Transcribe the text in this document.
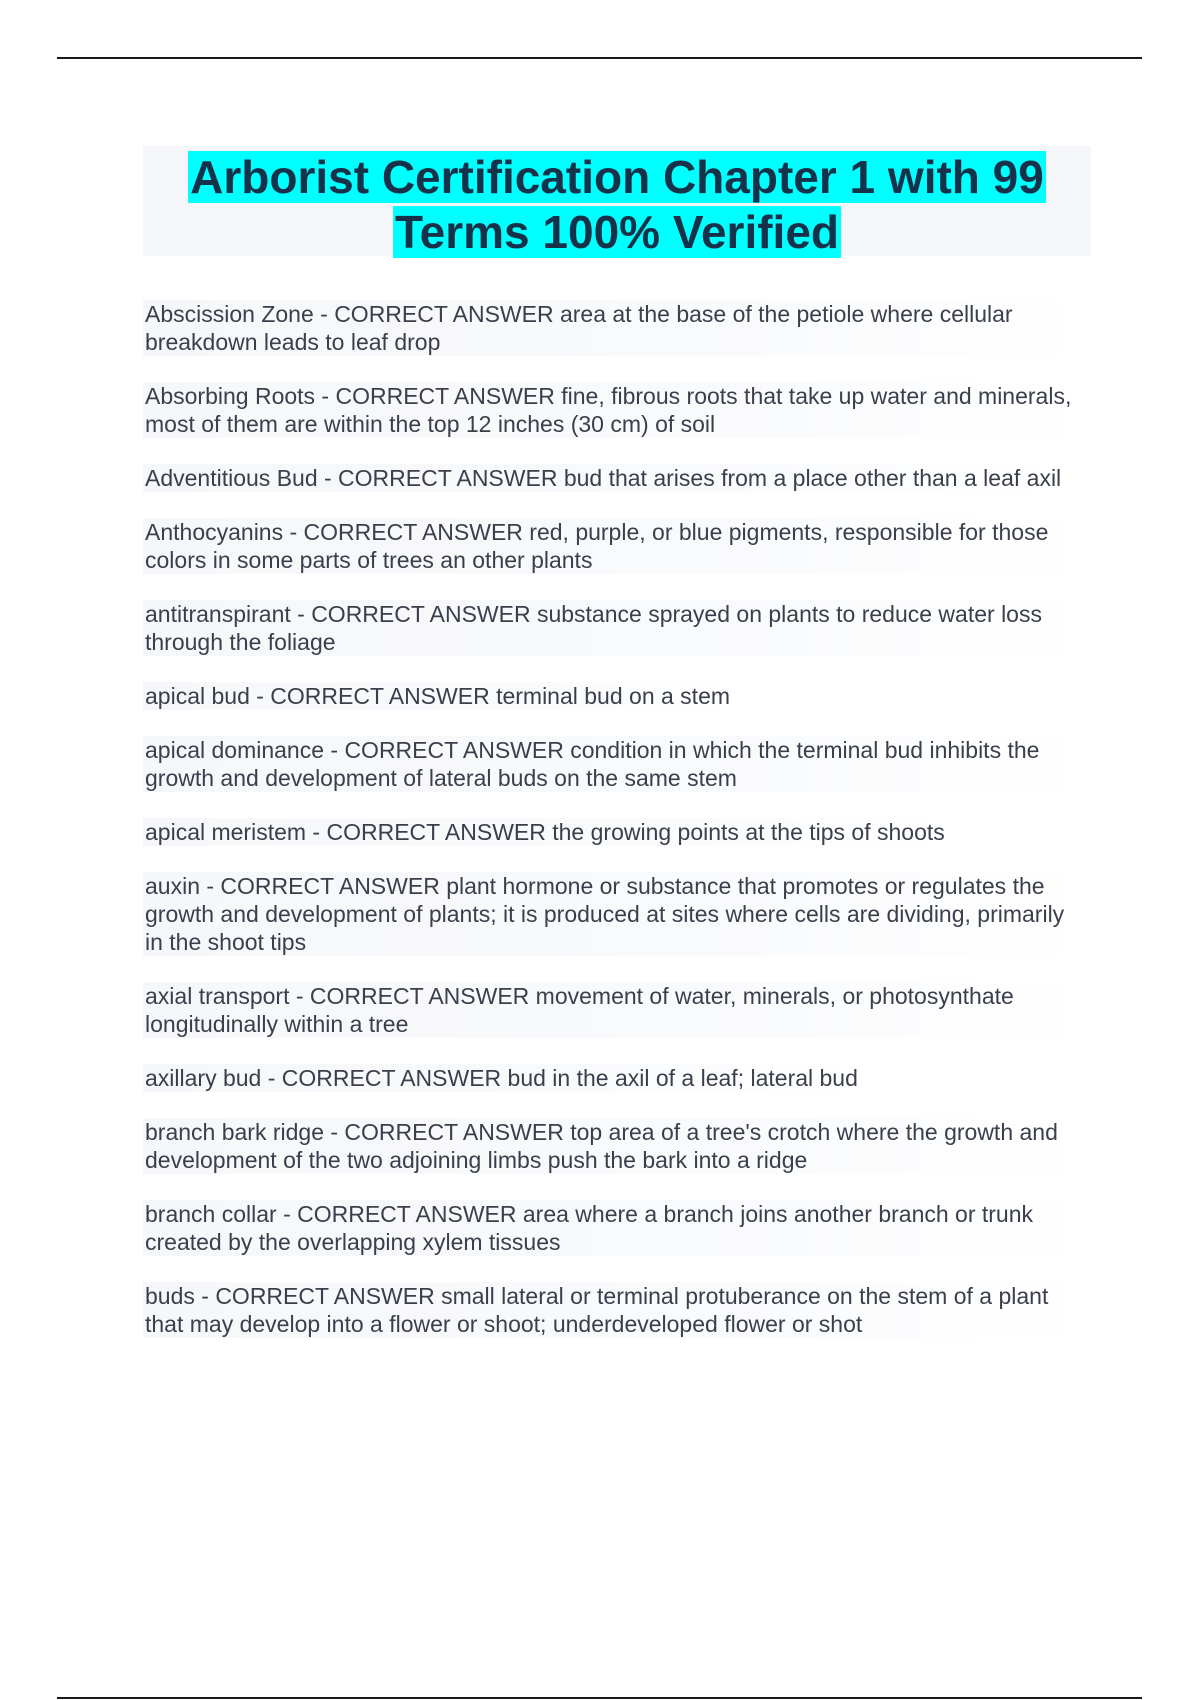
Arborist Certification Chapter 1 with 99 Terms 100% Verified

Abscission Zone - CORRECT ANSWER area at the base of the petiole where cellular breakdown leads to leaf drop

Absorbing Roots - CORRECT ANSWER fine, fibrous roots that take up water and minerals, most of them are within the top 12 inches (30 cm) of soil

Adventitious Bud - CORRECT ANSWER bud that arises from a place other than a leaf axil

Anthocyanins - CORRECT ANSWER red, purple, or blue pigments, responsible for those colors in some parts of trees an other plants

antitranspirant - CORRECT ANSWER substance sprayed on plants to reduce water loss through the foliage

apical bud - CORRECT ANSWER terminal bud on a stem

apical dominance - CORRECT ANSWER condition in which the terminal bud inhibits the growth and development of lateral buds on the same stem

apical meristem - CORRECT ANSWER the growing points at the tips of shoots

auxin - CORRECT ANSWER plant hormone or substance that promotes or regulates the growth and development of plants; it is produced at sites where cells are dividing, primarily in the shoot tips

axial transport - CORRECT ANSWER movement of water, minerals, or photosynthate longitudinally within a tree

axillary bud - CORRECT ANSWER bud in the axil of a leaf; lateral bud

branch bark ridge - CORRECT ANSWER top area of a tree's crotch where the growth and development of the two adjoining limbs push the bark into a ridge

branch collar - CORRECT ANSWER area where a branch joins another branch or trunk created by the overlapping xylem tissues

buds - CORRECT ANSWER small lateral or terminal protuberance on the stem of a plant that may develop into a flower or shoot; underdeveloped flower or shot
